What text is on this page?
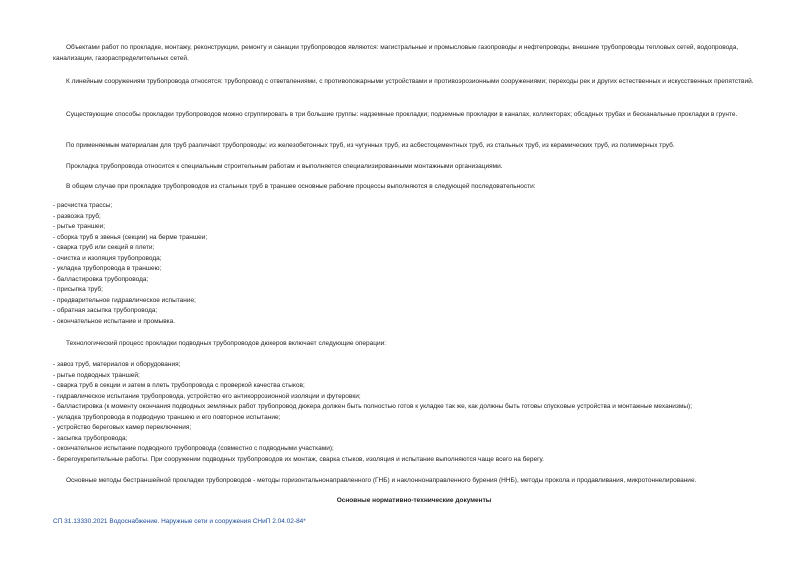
Объектами работ по прокладке, монтажу, реконструкции, ремонту и санации трубопроводов являются: магистральные и промысловые газопроводы и нефтепроводы, внешние трубопроводы тепловых сетей, водопровода, канализации, газораспределительных сетей.

К линейным сооружениям трубопровода относятся: трубопровод с ответвлениями, с противопожарными устройствами и противоэрозионными сооружениями; переходы рек и других естественных и искусственных препятствий.

Существующие способы прокладки трубопроводов можно сгруппировать в три большие группы: надземные прокладки; подземные прокладки в каналах, коллекторах; обсадных трубах и бесканальные прокладки в грунте.

По применяемым материалам для труб различают трубопроводы: из железобетонных труб, из чугунных труб, из асбестоцементных труб, из стальных труб, из керамических труб, из полимерных труб.

Прокладка трубопровода относится к специальным строительным работам и выполняется специализированными монтажными организациями.

В общем случае при прокладке трубопроводов из стальных труб в траншее основные рабочие процессы выполняются в следующей последовательности:

- расчистка трассы;
- развозка труб;
- рытье траншеи;
- сборка труб в звенья (секции) на берме траншеи;
- сварка труб или секций в плети;
- очистка и изоляция трубопровода;
- укладка трубопровода в траншею;
- балластировка трубопровода;
- присыпка труб;
- предварительное гидравлическое испытание;
- обратная засыпка трубопровода;
- окончательное испытание и промывка.

Технологический процесс прокладки подводных трубопроводов дюкеров включает следующие операции:

- завоз труб, материалов и оборудования;
- рытье подводных траншей;
- сварка труб в секции и затем в плеть трубопровода с проверкой качества стыков;
- гидравлическое испытание трубопровода, устройство его антикоррозионной изоляции и футеровки;
- балластировка (к моменту окончания подводных земляных работ трубопровод дюкера должен быть полностью готов к укладке так же, как должны быть готовы спусковые устройства и монтажные механизмы);
- укладка трубопровода в подводную траншею и его повторное испытание;
- устройство береговых камер переключения;
- засыпка трубопровода;
- окончательное испытание подводного трубопровода (совместно с подводными участками);
- берегоукрепительные работы. При сооружении подводных трубопроводов их монтаж, сварка стыков, изоляция и испытание выполняются чаще всего на берегу.

Основные методы бестраншейной прокладки трубопроводов - методы горизонтальнонаправленного (ГНБ) и наклоннонаправленного бурения (ННБ), методы прокола и продавливания, микротоннелирование.

Основные нормативно-технические документы

СП 31.13330.2021 Водоснабжение. Наружные сети и сооружения СНиП 2.04.02-84*
